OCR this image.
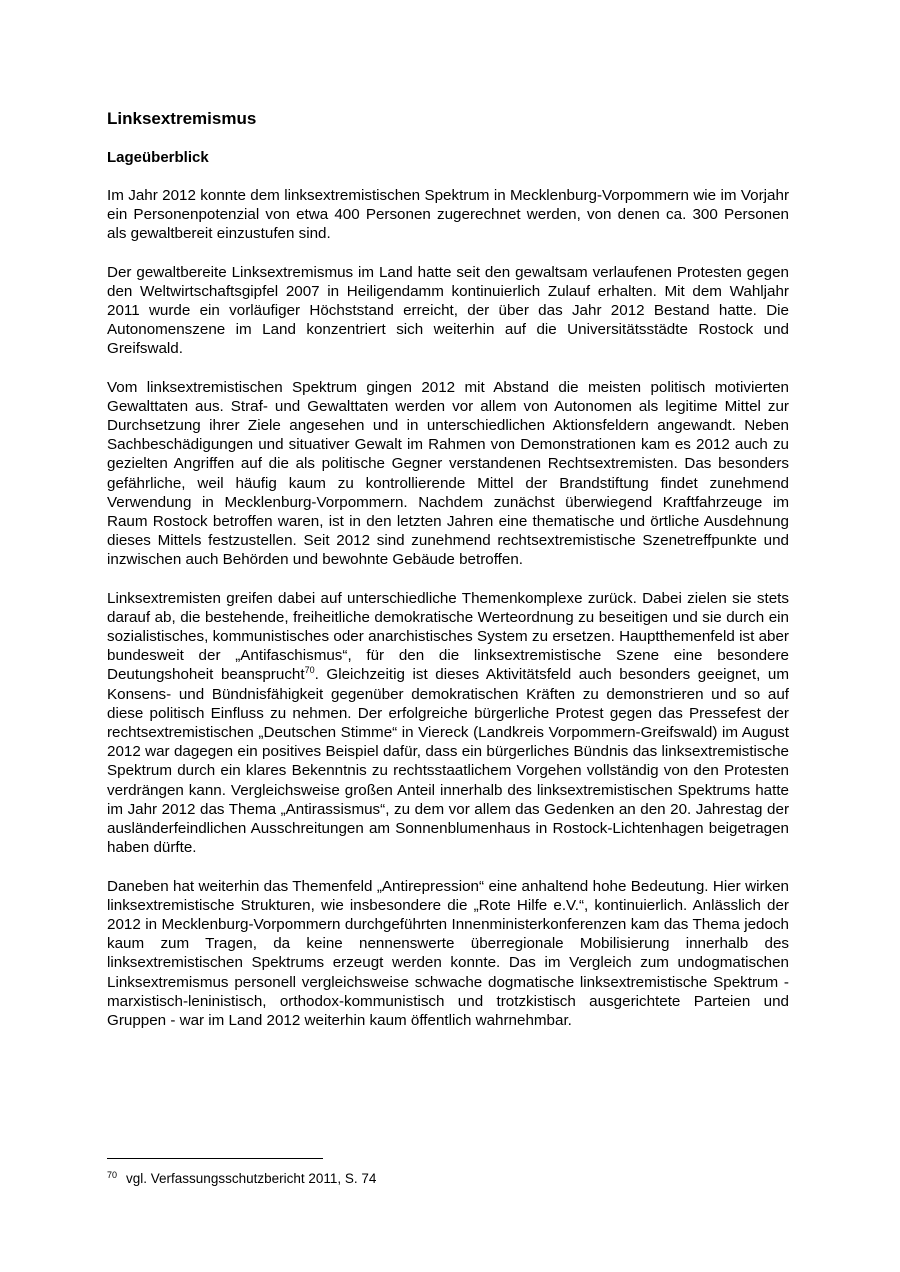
Linksextremismus
Lageüberblick

Im Jahr 2012 konnte dem linksextremistischen Spektrum in Mecklenburg-Vorpommern wie im Vorjahr ein Personenpotenzial von etwa 400 Personen zugerechnet werden, von denen ca. 300 Personen als gewaltbereit einzustufen sind.

Der gewaltbereite Linksextremismus im Land hatte seit den gewaltsam verlaufenen Protesten gegen den Weltwirtschaftsgipfel 2007 in Heiligendamm kontinuierlich Zulauf erhalten. Mit dem Wahljahr 2011 wurde ein vorläufiger Höchststand erreicht, der über das Jahr 2012 Bestand hatte. Die Autonomenszene im Land konzentriert sich weiterhin auf die Universitätsstädte Rostock und Greifswald.

Vom linksextremistischen Spektrum gingen 2012 mit Abstand die meisten politisch motivierten Gewalttaten aus. Straf- und Gewalttaten werden vor allem von Autonomen als legitime Mittel zur Durchsetzung ihrer Ziele angesehen und in unterschiedlichen Aktionsfeldern angewandt. Neben Sachbeschädigungen und situativer Gewalt im Rahmen von Demonstrationen kam es 2012 auch zu gezielten Angriffen auf die als politische Gegner verstandenen Rechtsextremisten. Das besonders gefährliche, weil häufig kaum zu kontrollierende Mittel der Brandstiftung findet zunehmend Verwendung in Mecklenburg-Vorpommern. Nachdem zunächst überwiegend Kraftfahrzeuge im Raum Rostock betroffen waren, ist in den letzten Jahren eine thematische und örtliche Ausdehnung dieses Mittels festzustellen. Seit 2012 sind zunehmend rechtsextremistische Szenetreffpunkte und inzwischen auch Behörden und bewohnte Gebäude betroffen.

Linksextremisten greifen dabei auf unterschiedliche Themenkomplexe zurück. Dabei zielen sie stets darauf ab, die bestehende, freiheitliche demokratische Werteordnung zu beseitigen und sie durch ein sozialistisches, kommunistisches oder anarchistisches System zu ersetzen. Hauptthemenfeld ist aber bundesweit der „Antifaschismus“, für den die linksextremistische Szene eine besondere Deutungshoheit beansprucht$^{70}$. Gleichzeitig ist dieses Aktivitätsfeld auch besonders geeignet, um Konsens- und Bündnisfähigkeit gegenüber demokratischen Kräften zu demonstrieren und so auf diese politisch Einfluss zu nehmen. Der erfolgreiche bürgerliche Protest gegen das Pressefest der rechtsextremistischen „Deutschen Stimme“ in Viereck (Landkreis Vorpommern-Greifswald) im August 2012 war dagegen ein positives Beispiel dafür, dass ein bürgerliches Bündnis das linksextremistische Spektrum durch ein klares Bekenntnis zu rechtsstaatlichem Vorgehen vollständig von den Protesten verdrängen kann. Vergleichsweise großen Anteil innerhalb des linksextremistischen Spektrums hatte im Jahr 2012 das Thema „Antirassismus“, zu dem vor allem das Gedenken an den 20. Jahrestag der ausländerfeindlichen Ausschreitungen am Sonnenblumenhaus in Rostock-Lichtenhagen beigetragen haben dürfte.

Daneben hat weiterhin das Themenfeld „Antirepression“ eine anhaltend hohe Bedeutung. Hier wirken linksextremistische Strukturen, wie insbesondere die „Rote Hilfe e.V.“, kontinuierlich. Anlässlich der 2012 in Mecklenburg-Vorpommern durchgeführten Innenministerkonferenzen kam das Thema jedoch kaum zum Tragen, da keine nennenswerte überregionale Mobilisierung innerhalb des linksextremistischen Spektrums erzeugt werden konnte. Das im Vergleich zum undogmatischen Linksextremismus personell vergleichsweise schwache dogmatische linksextremistische Spektrum - marxistisch-leninistisch, orthodox-kommunistisch und trotzkistisch ausgerichtete Parteien und Gruppen - war im Land 2012 weiterhin kaum öffentlich wahrnehmbar.

$^{70}$ vgl. Verfassungsschutzbericht 2011, S. 74
